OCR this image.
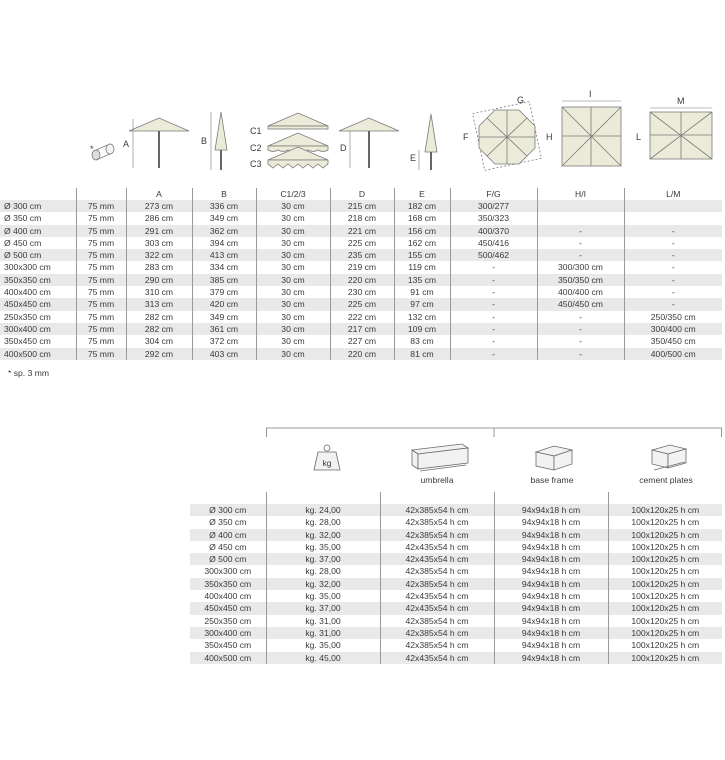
*	A	B
C1
C2
C3
D
E
F
G
H
I
L
M
		A	B	C1/2/3	D	E	F/G	H/I	L/M
Ø 300 cm	75 mm	273 cm	336 cm	30 cm	215 cm	182 cm	300/277		
Ø 350 cm	75 mm	286 cm	349 cm	30 cm	218 cm	168 cm	350/323		
Ø 400 cm	75 mm	291 cm	362 cm	30 cm	221 cm	156 cm	400/370	-	-
Ø 450 cm	75 mm	303 cm	394 cm	30 cm	225 cm	162 cm	450/416	-	-
Ø 500 cm	75 mm	322 cm	413 cm	30 cm	235 cm	155 cm	500/462	-	-
300x300 cm	75 mm	283 cm	334 cm	30 cm	219 cm	119 cm	-	300/300 cm	-
350x350 cm	75 mm	290 cm	385 cm	30 cm	220 cm	135 cm	-	350/350 cm	-
400x400 cm	75 mm	310 cm	379 cm	30 cm	230 cm	91 cm	-	400/400 cm	-
450x450 cm	75 mm	313 cm	420 cm	30 cm	225 cm	97 cm	-	450/450 cm	-
250x350 cm	75 mm	282 cm	349 cm	30 cm	222 cm	132 cm	-	-	250/350 cm
300x400 cm	75 mm	282 cm	361 cm	30 cm	217 cm	109 cm	-	-	300/400 cm
350x450 cm	75 mm	304 cm	372 cm	30 cm	227 cm	83 cm	-	-	350/450 cm
400x500 cm	75 mm	292 cm	403 cm	30 cm	220 cm	81 cm	-	-	400/500 cm
* sp. 3 mm
kg
umbrella	base frame	cement plates
Ø 300 cm	kg. 24,00	42x385x54 h cm	94x94x18 h cm	100x120x25 h cm
Ø 350 cm	kg. 28,00	42x385x54 h cm	94x94x18 h cm	100x120x25 h cm
Ø 400 cm	kg. 32,00	42x385x54 h cm	94x94x18 h cm	100x120x25 h cm
Ø 450 cm	kg. 35,00	42x435x54 h cm	94x94x18 h cm	100x120x25 h cm
Ø 500 cm	kg. 37,00	42x435x54 h cm	94x94x18 h cm	100x120x25 h cm
300x300 cm	kg. 28,00	42x385x54 h cm	94x94x18 h cm	100x120x25 h cm
350x350 cm	kg. 32,00	42x385x54 h cm	94x94x18 h cm	100x120x25 h cm
400x400 cm	kg. 35,00	42x435x54 h cm	94x94x18 h cm	100x120x25 h cm
450x450 cm	kg. 37,00	42x435x54 h cm	94x94x18 h cm	100x120x25 h cm
250x350 cm	kg. 31,00	42x385x54 h cm	94x94x18 h cm	100x120x25 h cm
300x400 cm	kg. 31,00	42x385x54 h cm	94x94x18 h cm	100x120x25 h cm
350x450 cm	kg. 35,00	42x385x54 h cm	94x94x18 h cm	100x120x25 h cm
400x500 cm	kg. 45,00	42x435x54 h cm	94x94x18 h cm	100x120x25 h cm
